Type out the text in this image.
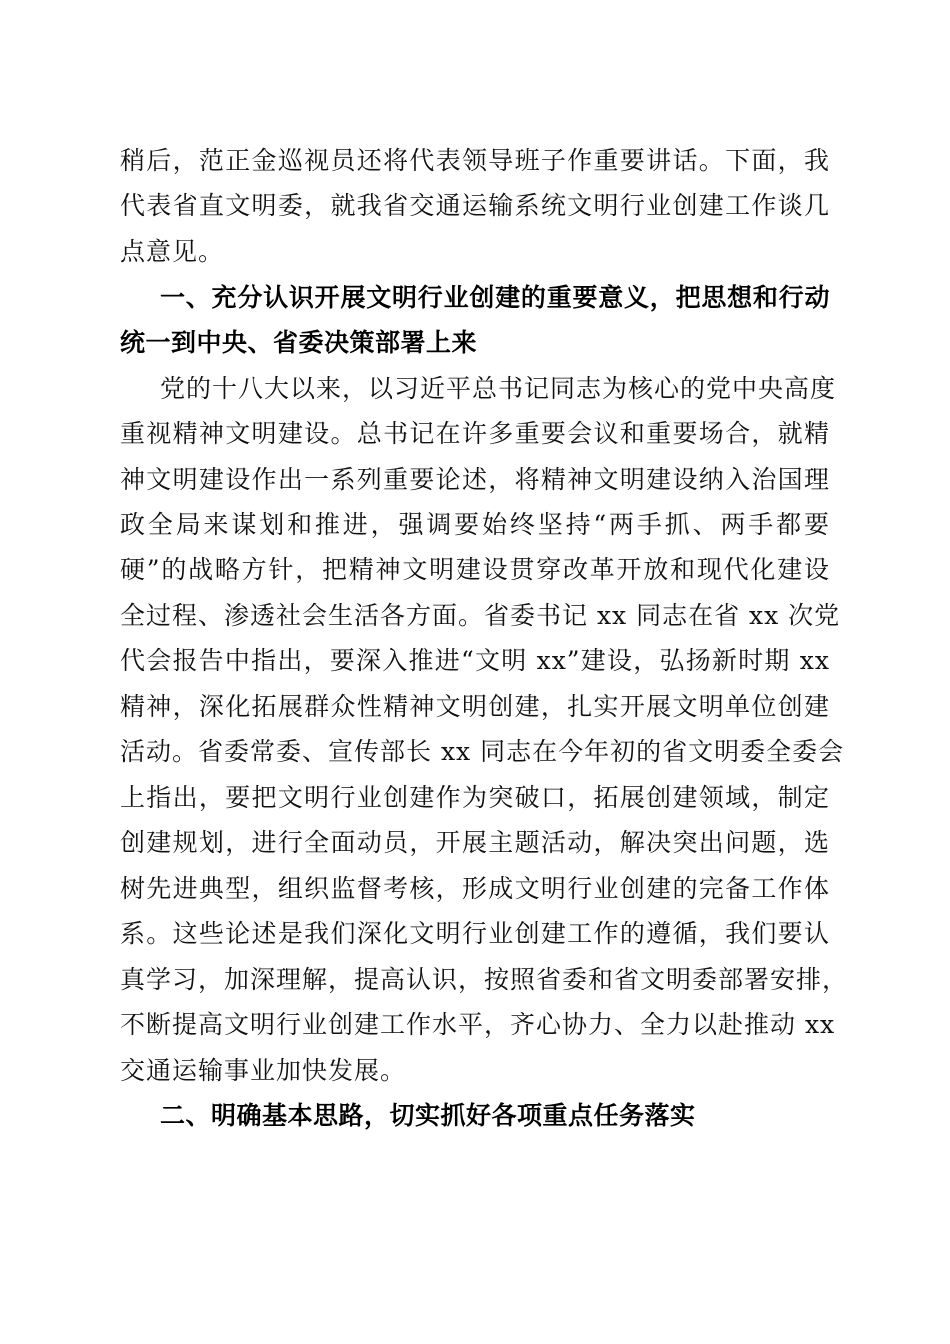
稍后，范正金巡视员还将代表领导班子作重要讲话。下面，我
代表省直文明委，就我省交通运输系统文明行业创建工作谈几
点意见。
一、充分认识开展文明行业创建的重要意义，把思想和行动
统一到中央、省委决策部署上来
党的十八大以来，以习近平总书记同志为核心的党中央高度
重视精神文明建设。总书记在许多重要会议和重要场合，就精
神文明建设作出一系列重要论述，将精神文明建设纳入治国理
政全局来谋划和推进，强调要始终坚持“两手抓、两手都要
硬”的战略方针，把精神文明建设贯穿改革开放和现代化建设
全过程、渗透社会生活各方面。省委书记 xx 同志在省 xx 次党
代会报告中指出，要深入推进“文明 xx”建设，弘扬新时期 xx
精神，深化拓展群众性精神文明创建，扎实开展文明单位创建
活动。省委常委、宣传部长 xx 同志在今年初的省文明委全委会
上指出，要把文明行业创建作为突破口，拓展创建领域，制定
创建规划，进行全面动员，开展主题活动，解决突出问题，选
树先进典型，组织监督考核，形成文明行业创建的完备工作体
系。这些论述是我们深化文明行业创建工作的遵循，我们要认
真学习，加深理解，提高认识，按照省委和省文明委部署安排，
不断提高文明行业创建工作水平，齐心协力、全力以赴推动 xx
交通运输事业加快发展。
二、明确基本思路，切实抓好各项重点任务落实
